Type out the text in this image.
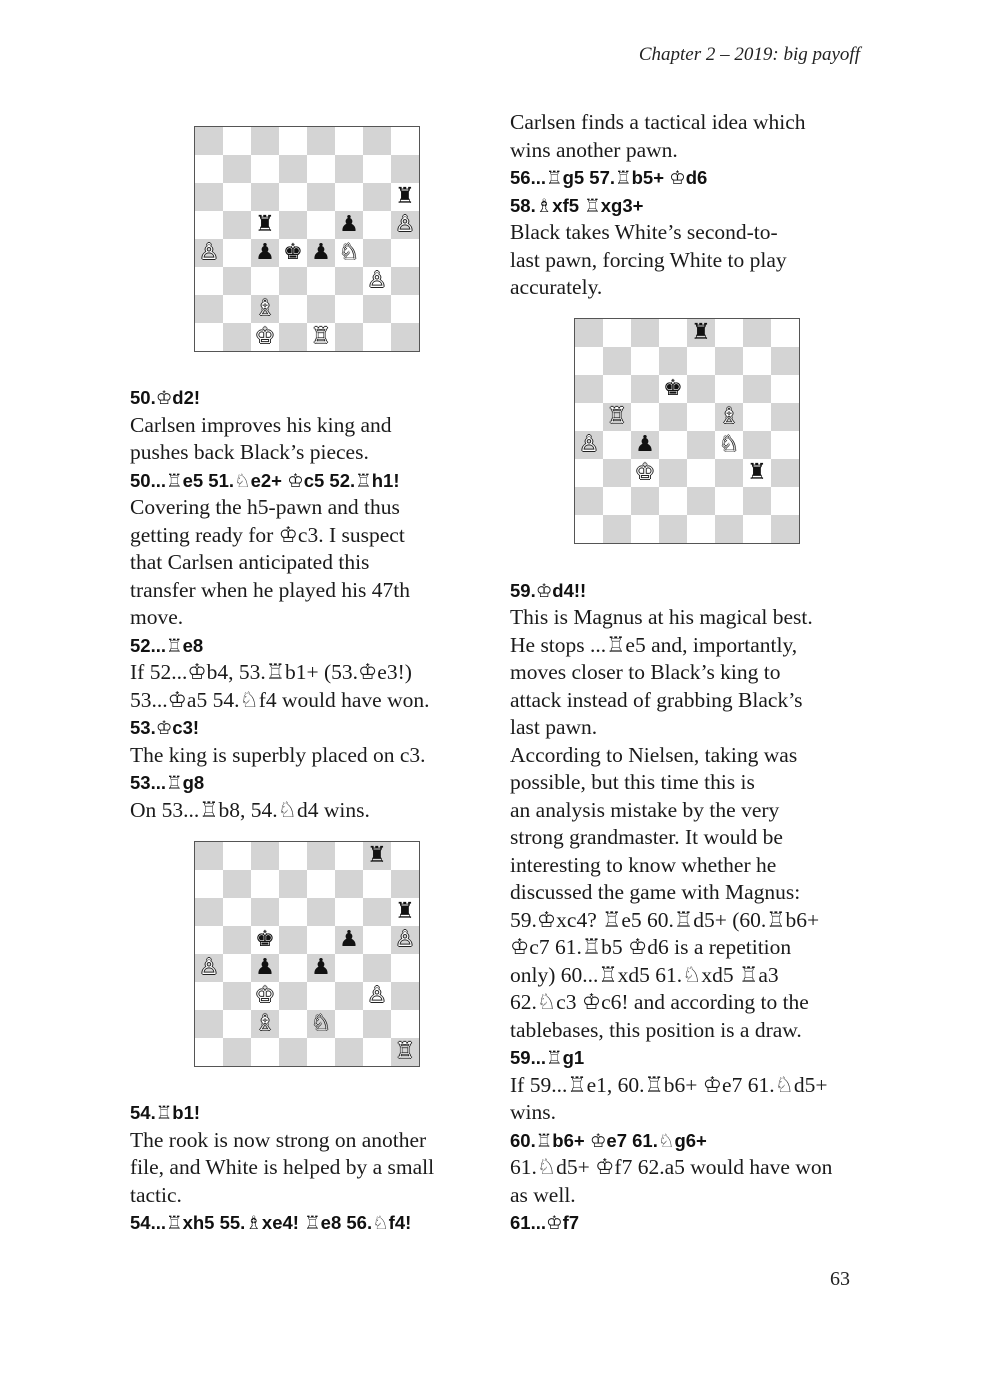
Chapter 2 – 2019: big payoff
♜
♜	♟ ♙
♙ ♟ ♚ ♟ ♘
♙
♗
♔ ♖
50.♔d2!
Carlsen improves his king and
pushes back Black’s pieces.
50...♖e5 51.♘e2+ ♔c5 52.♖h1!
Covering the h5-pawn and thus
getting ready for ♔c3. I suspect
that Carlsen anticipated this
transfer when he played his 47th
move.
52...♖e8
If 52...♔b4, 53.♖b1+ (53.♔e3!)
53...♔a5 54.♘f4 would have won.
53.♔c3!
The king is superbly placed on c3.
53...♖g8
On 53...♖b8, 54.♘d4 wins.
♜
♜
♚	♟ ♙
♙ ♟ ♟
♔	♙
♗ ♘
♖
54.♖b1!
The rook is now strong on another
file, and White is helped by a small
tactic.
54...♖xh5 55.♗xe4! ♖e8 56.♘f4!
Carlsen finds a tactical idea which
wins another pawn.
56...♖g5 57.♖b5+ ♔d6
58.♗xf5 ♖xg3+
Black takes White’s second-to-
last pawn, forcing White to play
accurately.
♜
♚
♖	♗
♙ ♟	♘
♔	♜
59.♔d4!!
This is Magnus at his magical best.
He stops ...♖e5 and, importantly,
moves closer to Black’s king to
attack instead of grabbing Black’s
last pawn.
According to Nielsen, taking was
possible, but this time this is
an analysis mistake by the very
strong grandmaster. It would be
interesting to know whether he
discussed the game with Magnus:
59.♔xc4? ♖e5 60.♖d5+ (60.♖b6+
♔c7 61.♖b5 ♔d6 is a repetition
only) 60...♖xd5 61.♘xd5 ♖a3
62.♘c3 ♔c6! and according to the
tablebases, this position is a draw.
59...♖g1
If 59...♖e1, 60.♖b6+ ♔e7 61.♘d5+
wins.
60.♖b6+ ♔e7 61.♘g6+
61.♘d5+ ♔f7 62.a5 would have won
as well.
61...♔f7
63
